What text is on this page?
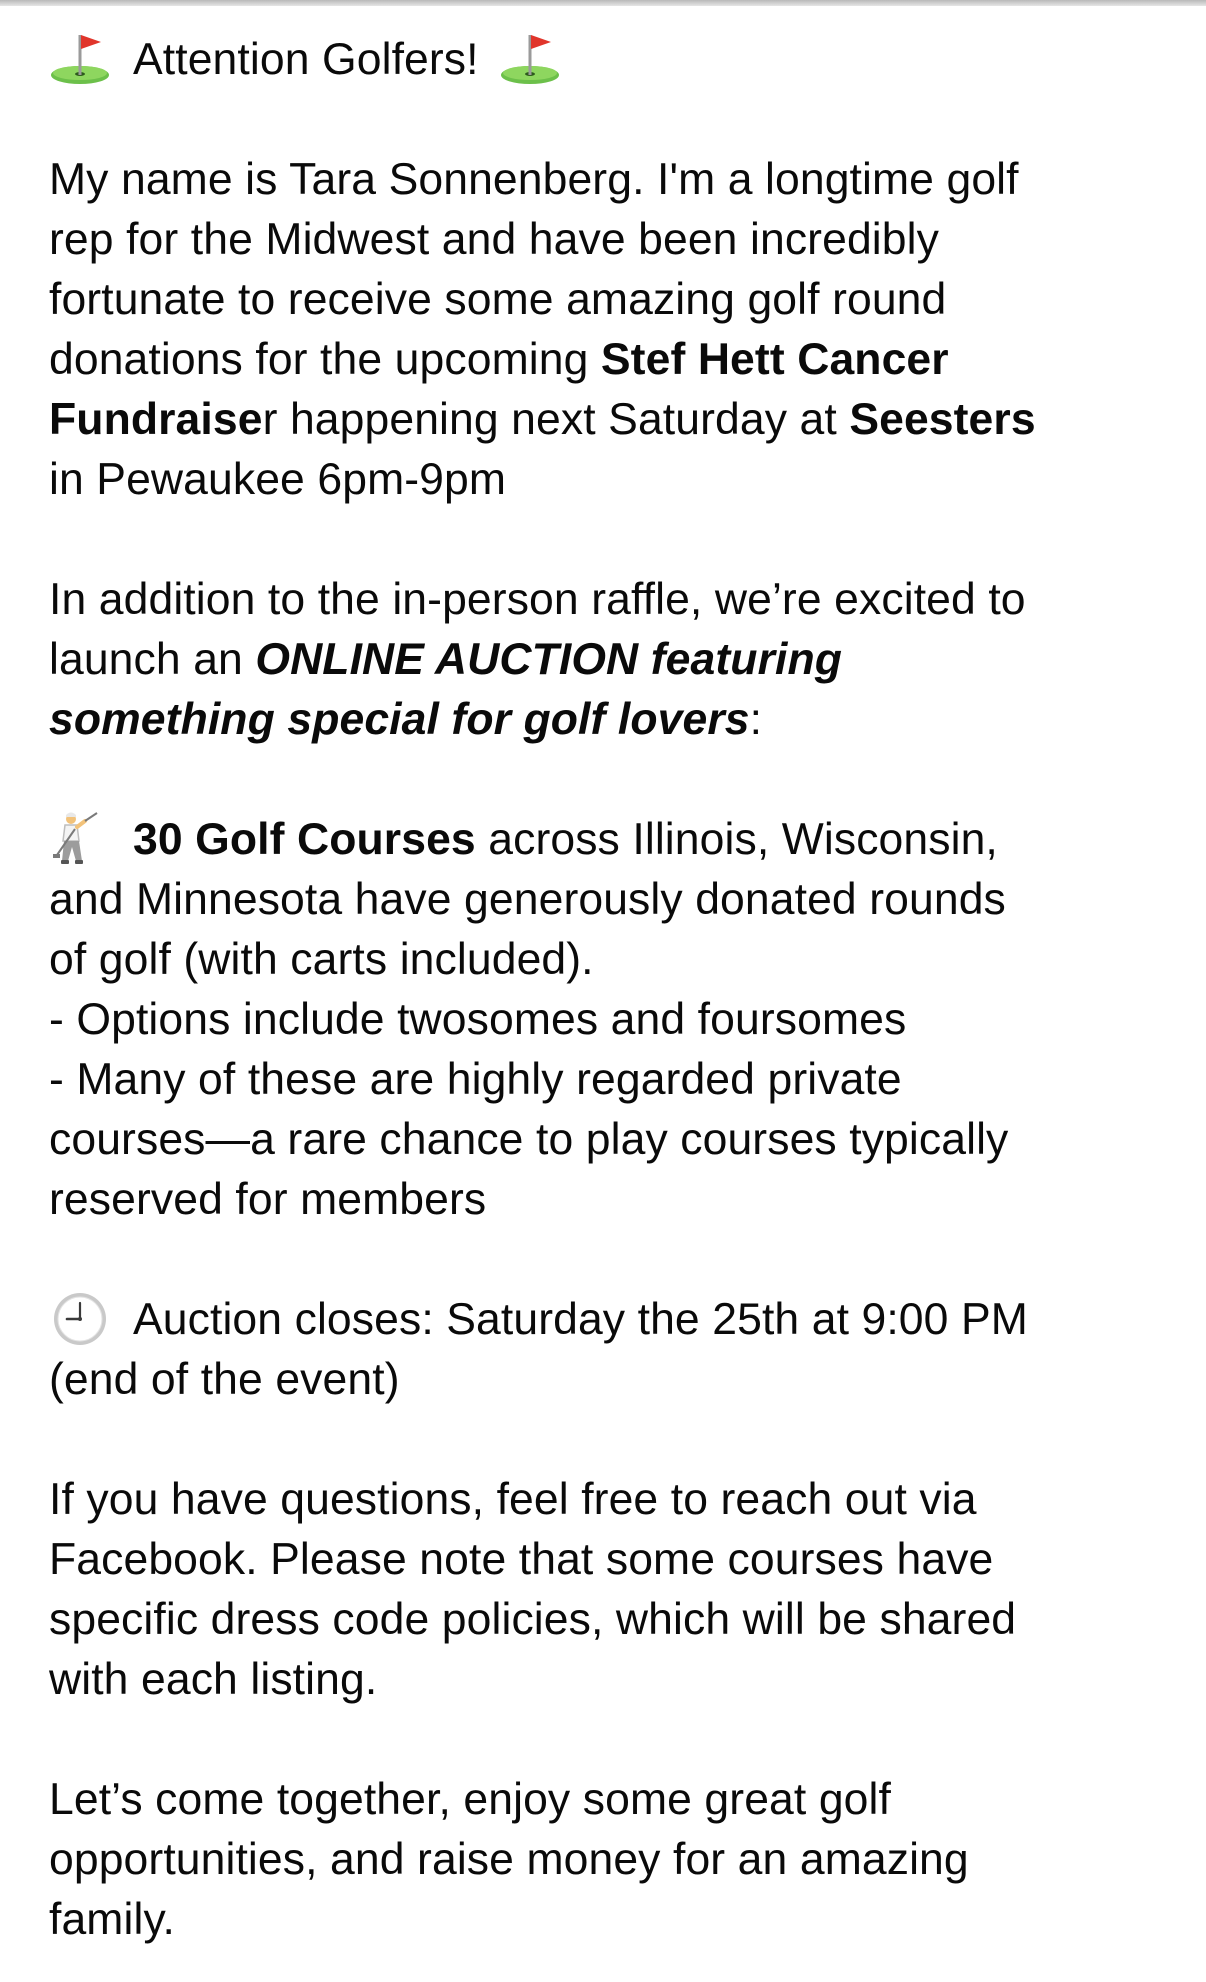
Attention Golfers!
My name is Tara Sonnenberg. I'm a longtime golf
rep for the Midwest and have been incredibly
fortunate to receive some amazing golf round
donations for the upcoming Stef Hett Cancer
Fundraiser happening next Saturday at Seesters
in Pewaukee 6pm-9pm
In addition to the in-person raffle, we’re excited to
launch an ONLINE AUCTION featuring
something special for golf lovers:
30 Golf Courses across Illinois, Wisconsin,
and Minnesota have generously donated rounds
of golf (with carts included).
- Options include twosomes and foursomes
- Many of these are highly regarded private
courses—a rare chance to play courses typically
reserved for members
Auction closes: Saturday the 25th at 9:00 PM
(end of the event)
If you have questions, feel free to reach out via
Facebook. Please note that some courses have
specific dress code policies, which will be shared
with each listing.
Let’s come together, enjoy some great golf
opportunities, and raise money for an amazing
family.
